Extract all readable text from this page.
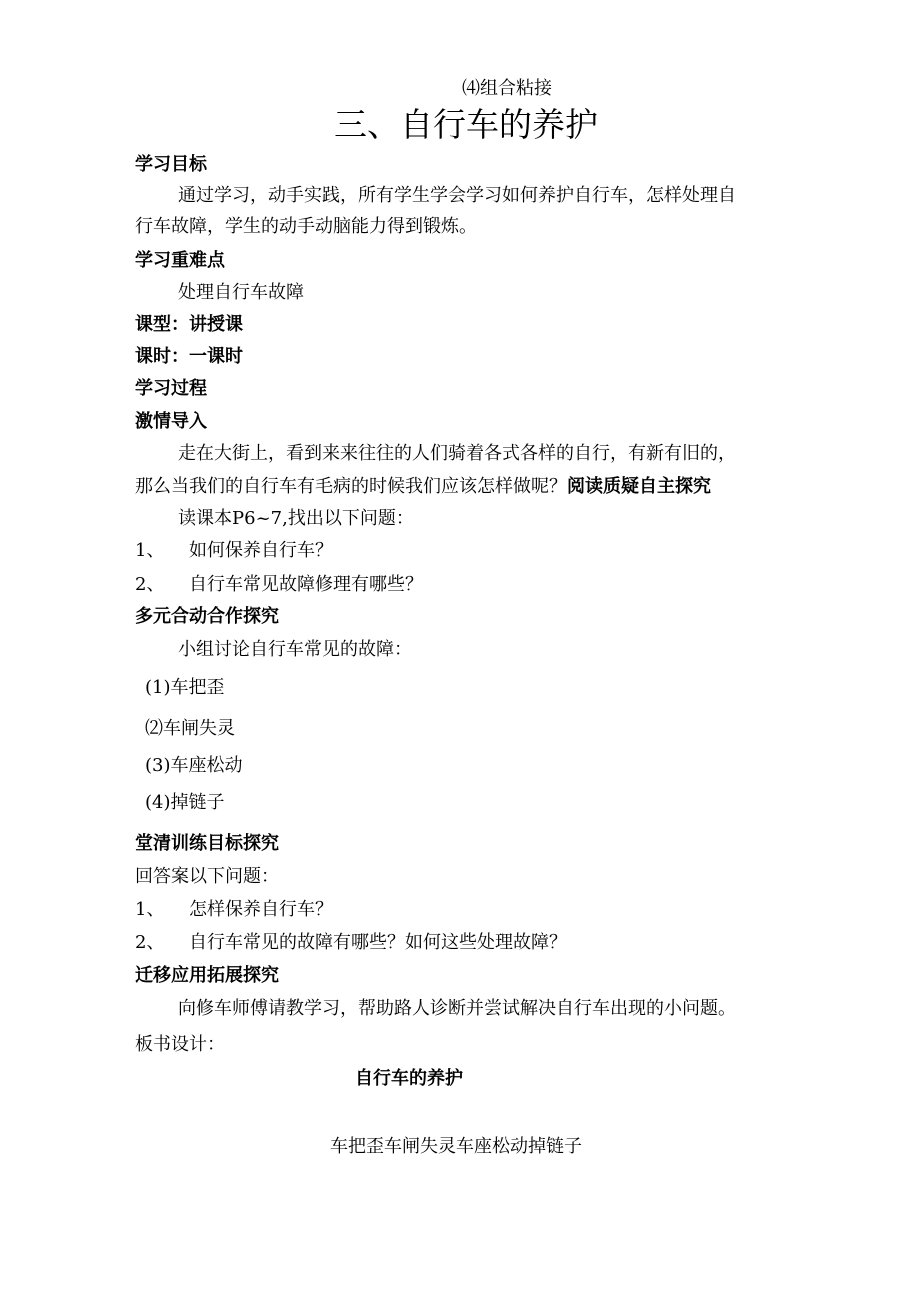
⑷组合粘接
三、自行车的养护
学习目标
通过学习，动手实践，所有学生学会学习如何养护自行车，怎样处理自
行车故障，学生的动手动脑能力得到锻炼。
学习重难点
处理自行车故障
课型：讲授课
课时：一课时
学习过程
激情导入
走在大街上，看到来来往往的人们骑着各式各样的自行，有新有旧的，
那么当我们的自行车有毛病的时候我们应该怎样做呢？阅读质疑自主探究
读课本P6~7,找出以下问题：
1、 如何保养自行车？
2、 自行车常见故障修理有哪些？
多元合动合作探究
小组讨论自行车常见的故障：
(1)车把歪
⑵车闸失灵
(3)车座松动
(4)掉链子
堂清训练目标探究
回答案以下问题：
1、 怎样保养自行车？
2、 自行车常见的故障有哪些？如何这些处理故障？
迁移应用拓展探究
向修车师傅请教学习，帮助路人诊断并尝试解决自行车出现的小问题。
板书设计：
自行车的养护
车把歪车闸失灵车座松动掉链子
